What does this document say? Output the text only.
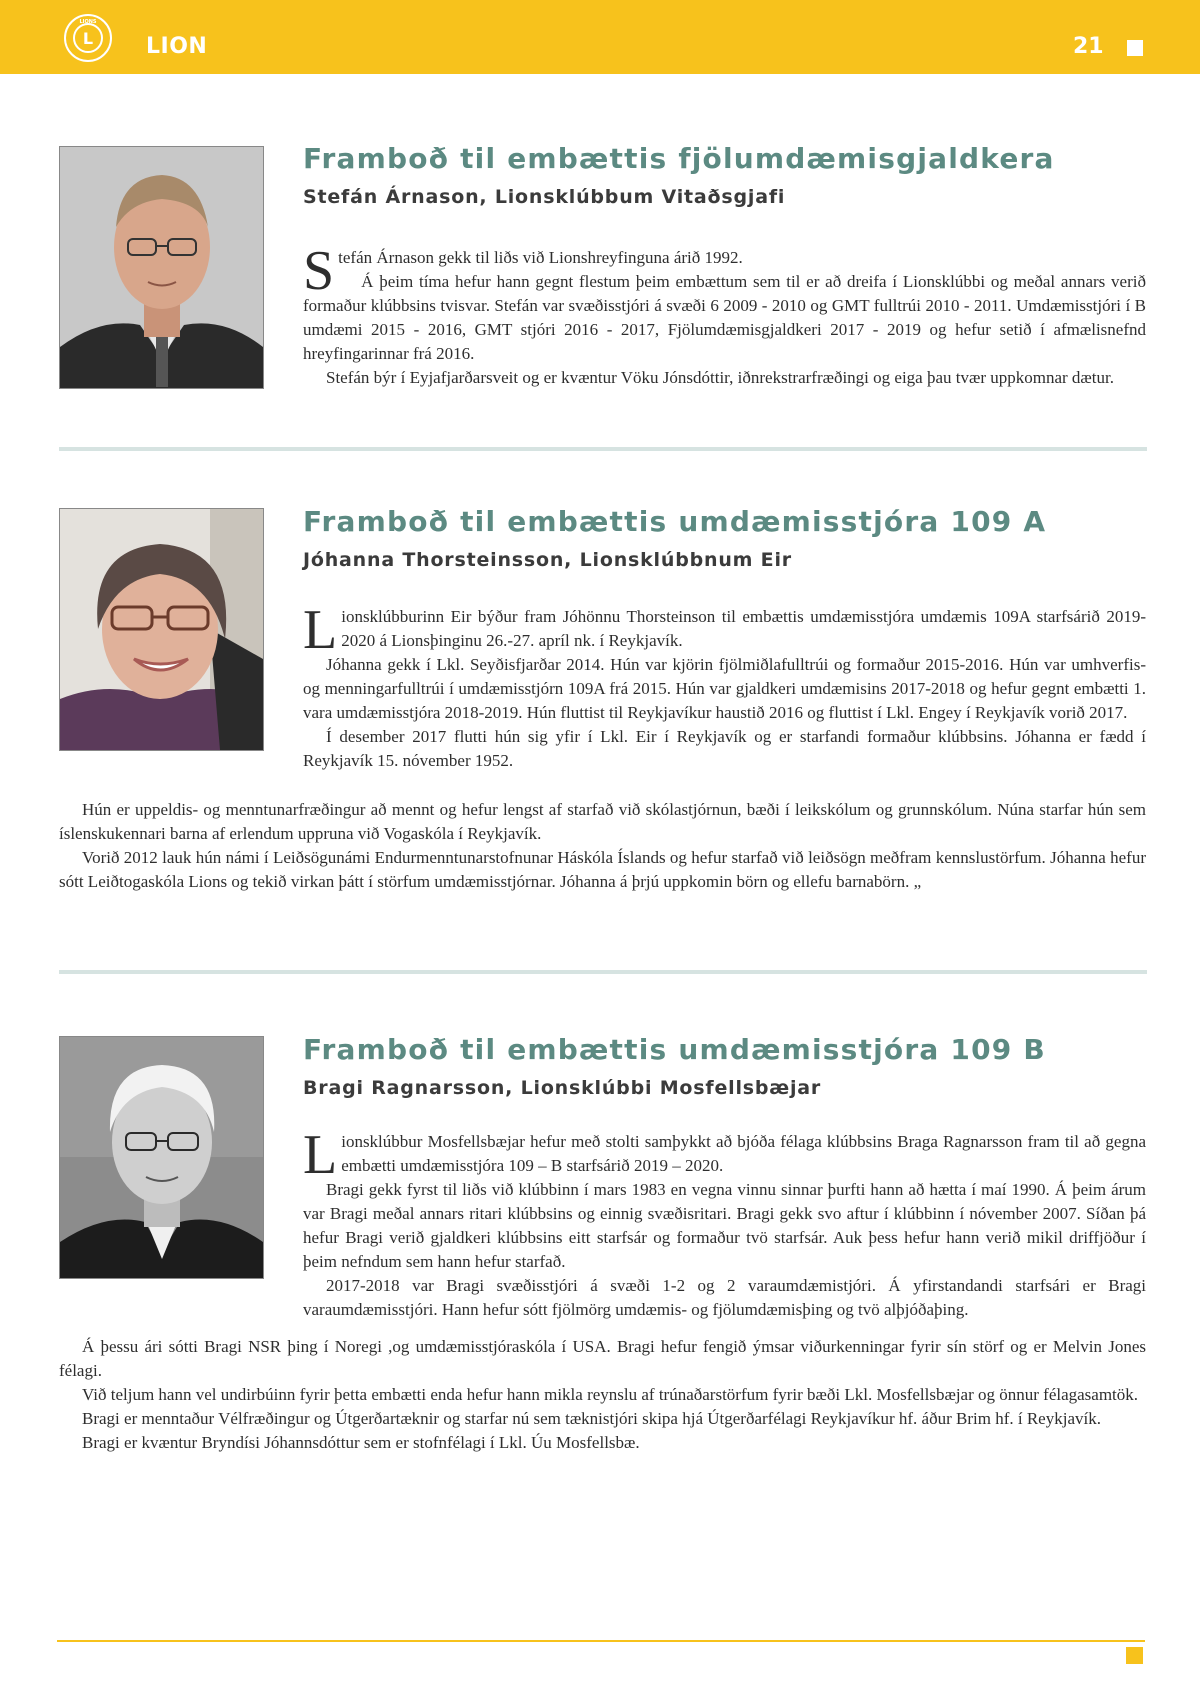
L
LIONS
LION	21
Framboð til embættis fjölumdæmisgjaldkera
Stefán Árnason, Lionsklúbbum Vitaðsgjafi

Stefán Árnason gekk til liðs við Lionshreyfinguna árið 1992.

Á þeim tíma hefur hann gegnt flestum þeim embættum sem til er að dreifa í Lionsklúbbi og meðal annars verið formaður klúbbsins tvisvar. Stefán var svæðisstjóri á svæði 6 2009 - 2010 og GMT fulltrúi 2010 - 2011. Umdæmisstjóri í B umdæmi 2015 - 2016, GMT stjóri 2016 - 2017, Fjölumdæmisgjaldkeri 2017 - 2019 og hefur setið í afmælisnefnd hreyfingarinnar frá 2016.

Stefán býr í Eyjafjarðarsveit og er kvæntur Vöku Jónsdóttir, iðnrekstrarfræðingi og eiga þau tvær uppkomnar dætur.

Framboð til embættis umdæmisstjóra 109 A
Jóhanna Thorsteinsson, Lionsklúbbnum Eir

Lionsklúbburinn Eir býður fram Jóhönnu Thorsteinson til embættis umdæmisstjóra umdæmis 109A starfsárið 2019-2020 á Lionsþinginu 26.-27. apríl nk. í Reykjavík.

Jóhanna gekk í Lkl. Seyðisfjarðar 2014. Hún var kjörin fjölmiðlafulltrúi og formaður 2015-2016. Hún var umhverfis- og menningarfulltrúi í umdæmisstjórn 109A frá 2015. Hún var gjaldkeri umdæmisins 2017-2018 og hefur gegnt embætti 1. vara umdæmisstjóra 2018-2019. Hún fluttist til Reykjavíkur haustið 2016 og fluttist í Lkl. Engey í Reykjavík vorið 2017.

Í desember 2017 flutti hún sig yfir í Lkl. Eir í Reykjavík og er starfandi formaður klúbbsins. Jóhanna er fædd í Reykjavík 15. nóvember 1952.

Hún er uppeldis- og menntunarfræðingur að mennt og hefur lengst af starfað við skólastjórnun, bæði í leikskólum og grunnskólum. Núna starfar hún sem íslenskukennari barna af erlendum uppruna við Vogaskóla í Reykjavík.

Vorið 2012 lauk hún námi í Leiðsögunámi Endurmenntunarstofnunar Háskóla Íslands og hefur starfað við leiðsögn meðfram kennslustörfum. Jóhanna hefur sótt Leiðtogaskóla Lions og tekið virkan þátt í störfum umdæmisstjórnar. Jóhanna á þrjú uppkomin börn og ellefu barnabörn. „

Framboð til embættis umdæmisstjóra 109 B
Bragi Ragnarsson, Lionsklúbbi Mosfellsbæjar

Lionsklúbbur Mosfellsbæjar hefur með stolti samþykkt að bjóða félaga klúbbsins Braga Ragnarsson fram til að gegna embætti umdæmisstjóra 109 – B starfsárið 2019 – 2020.

Bragi gekk fyrst til liðs við klúbbinn í mars 1983 en vegna vinnu sinnar þurfti hann að hætta í maí 1990. Á þeim árum var Bragi meðal annars ritari klúbbsins og einnig svæðisritari. Bragi gekk svo aftur í klúbbinn í nóvember 2007. Síðan þá hefur Bragi verið gjaldkeri klúbbsins eitt starfsár og formaður tvö starfsár. Auk þess hefur hann verið mikil driffjöður í þeim nefndum sem hann hefur starfað.

2017-2018 var Bragi svæðisstjóri á svæði 1-2 og 2 varaumdæmistjóri. Á yfirstandandi starfsári er Bragi varaumdæmisstjóri. Hann hefur sótt fjölmörg umdæmis- og fjölumdæmisþing og tvö alþjóðaþing.

Á þessu ári sótti Bragi NSR þing í Noregi ,og umdæmisstjóraskóla í USA. Bragi hefur fengið ýmsar viðurkenningar fyrir sín störf og er Melvin Jones félagi.

Við teljum hann vel undirbúinn fyrir þetta embætti enda hefur hann mikla reynslu af trúnaðarstörfum fyrir bæði Lkl. Mosfellsbæjar og önnur félagasamtök.

Bragi er menntaður Vélfræðingur og Útgerðartæknir og starfar nú sem tæknistjóri skipa hjá Útgerðarfélagi Reykjavíkur hf. áður Brim hf. í Reykjavík.

Bragi er kvæntur Bryndísi Jóhannsdóttur sem er stofnfélagi í Lkl. Úu Mosfellsbæ.
